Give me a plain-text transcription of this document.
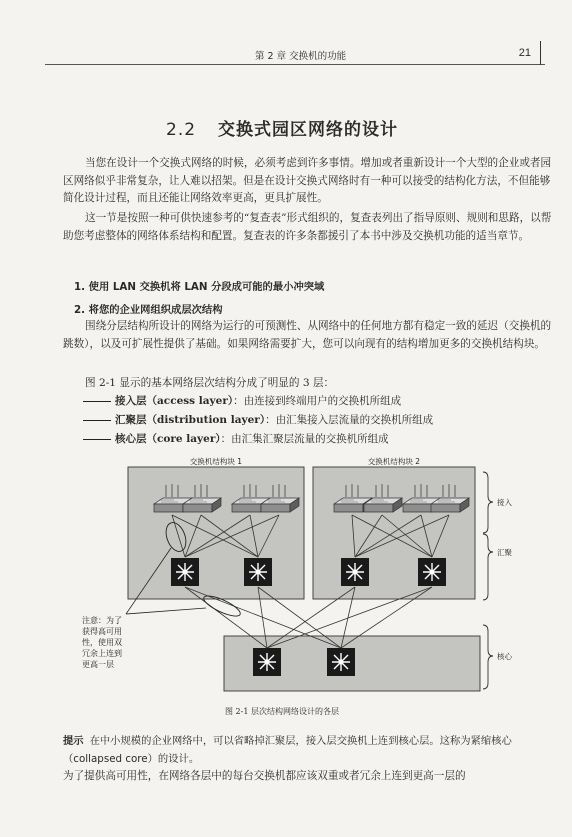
第 2 章 交换机的功能	21
2.2 交换式园区网络的设计
当您在设计一个交换式网络的时候，必须考虑到许多事情。增加或者重新设计一个大型的企业或者园区网络似乎非常复杂，让人难以招架。但是在设计交换式网络时有一种可以接受的结构化方法，不但能够简化设计过程，而且还能让网络效率更高，更具扩展性。
这一节是按照一种可供快速参考的“复查表”形式组织的，复查表列出了指导原则、规则和思路，以帮助您考虑整体的网络体系结构和配置。复查表的许多条都援引了本书中涉及交换机功能的适当章节。
1. 使用 LAN 交换机将 LAN 分段成可能的最小冲突域
2. 将您的企业网组织成层次结构
围绕分层结构所设计的网络为运行的可预测性、从网络中的任何地方都有稳定一致的延迟（交换机的跳数），以及可扩展性提供了基础。如果网络需要扩大，您可以向现有的结构增加更多的交换机结构块。
图 2-1 显示的基本网络层次结构分成了明显的 3 层：
接入层（access layer）：由连接到终端用户的交换机所组成
汇聚层（distribution layer）：由汇集接入层流量的交换机所组成
核心层（core layer）：由汇集汇聚层流量的交换机所组成
交换机结构块 1	交换机结构块 2
接入
汇聚
核心
注意：为了
获得高可用
性，使用双
冗余上连到
更高一层
图 2-1 层次结构网络设计的各层
提示 在中小规模的企业网络中，可以省略掉汇聚层，接入层交换机上连到核心层。这称为紧缩核心（collapsed core）的设计。
为了提供高可用性，在网络各层中的每台交换机都应该双重或者冗余上连到更高一层的
